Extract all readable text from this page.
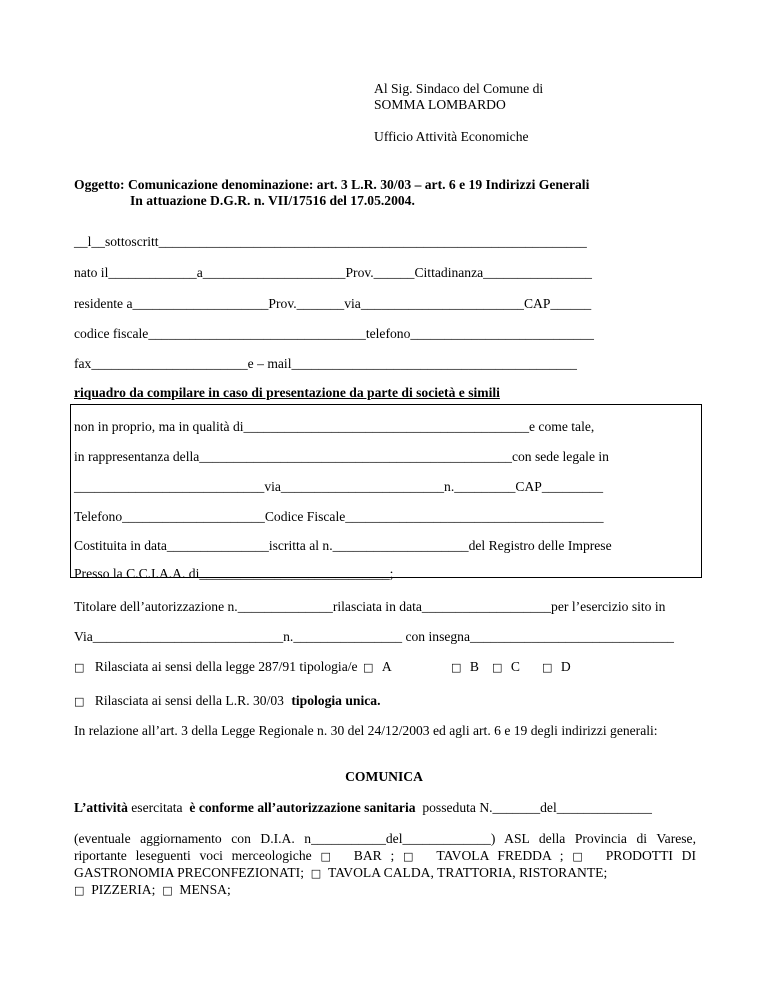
Al Sig. Sindaco del Comune di
SOMMA LOMBARDO
Ufficio Attività Economiche
Oggetto: Comunicazione denominazione: art. 3 L.R. 30/03 – art. 6 e 19 Indirizzi Generali
In attuazione D.G.R. n. VII/17516 del 17.05.2004.
__l__sottoscritt_______________________________________________________________
nato il_____________a_____________________Prov.______Cittadinanza________________
residente a____________________Prov._______via________________________CAP______
codice fiscale________________________________telefono___________________________
fax_______________________e – mail__________________________________________
riquadro da compilare in caso di presentazione da parte di società e simili
non in proprio, ma in qualità di__________________________________________e come tale,
in rappresentanza della______________________________________________con sede legale in
____________________________via________________________n._________CAP_________
Telefono_____________________Codice Fiscale______________________________________
Costituita in data_______________iscritta al n.____________________del Registro delle Imprese
Presso la C.C.I.A.A. di____________________________;
Titolare dell’autorizzazione n.______________rilasciata in data___________________per l’esercizio sito in
Via____________________________n.________________ con insegna______________________________
□ Rilasciata ai sensi della legge 287/91 tipologia/e □ A	□ B □ C □ D
□ Rilasciata ai sensi della L.R. 30/03 tipologia unica.
In relazione all’art. 3 della Legge Regionale n. 30 del 24/12/2003 ed agli art. 6 e 19 degli indirizzi generali:
COMUNICA
L’attività esercitata  è conforme all’autorizzazione sanitaria  posseduta N._______del______________
(eventuale aggiornamento con D.I.A. n___________del_____________) ASL della Provincia di Varese,
riportante leseguenti voci merceologiche □ BAR ; □ TAVOLA FREDDA ; □ PRODOTTI DI
GASTRONOMIA PRECONFEZIONATI; □ TAVOLA CALDA, TRATTORIA, RISTORANTE;
□ PIZZERIA; □ MENSA;
